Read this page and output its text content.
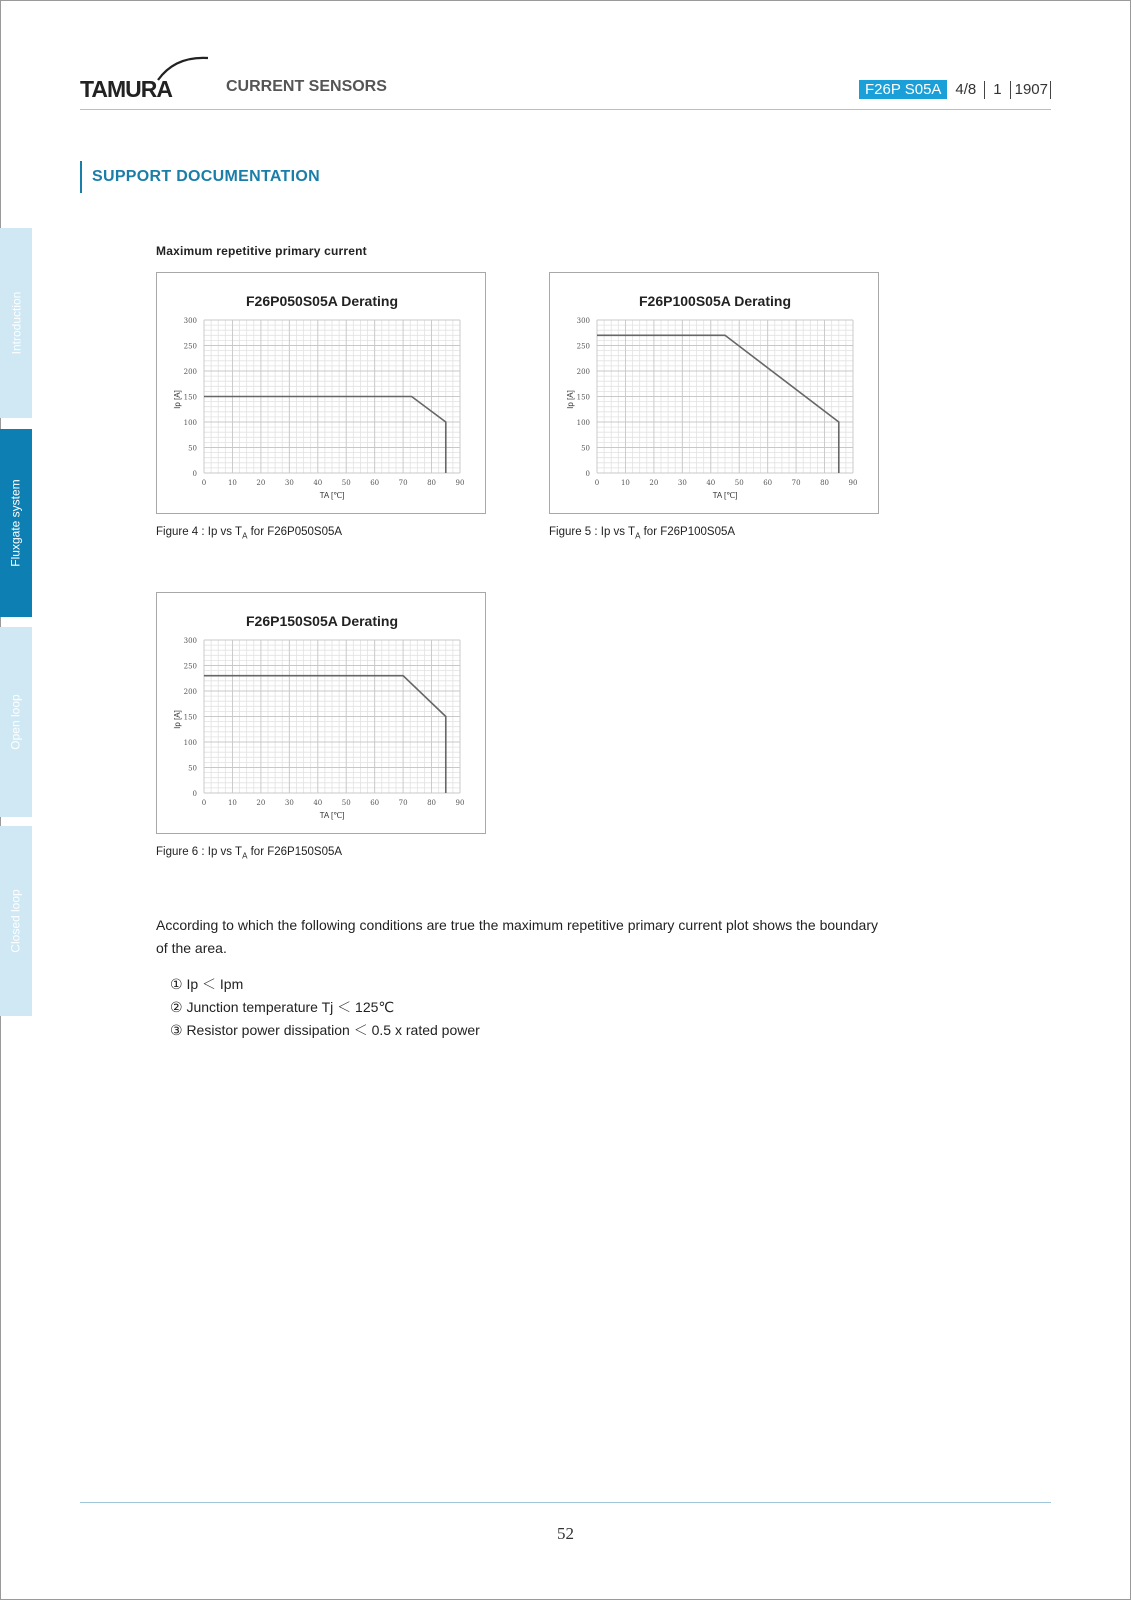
TAMURA	CURRENT SENSORS	F26P S05A 4/8	1 1907
SUPPORT DOCUMENTATION
Introduction
Fluxgate system
Open loop
Closed loop
Maximum repetitive primary current
F26P050S05A Derating
0
50
100
150
200
250
300
0	10	20	30	40	50	60	70	80	90
Ip [A]
TA [℃]
Figure 4 : Ip vs $T_A$ for F26P050S05A
F26P100S05A Derating
0
50
100
150
200
250
300
0	10	20	30	40	50	60	70	80	90
Ip [A]
TA [℃]
Figure 5 : Ip vs $T_A$ for F26P100S05A
F26P150S05A Derating
0
50
100
150
200
250
300
0	10	20	30	40	50	60	70	80	90
Ip [A]
TA [℃]
Figure 6 : Ip vs $T_A$ for F26P150S05A
According to which the following conditions are true the maximum repetitive primary current plot shows the boundary of the area.
① Ip ＜ Ipm
② Junction temperature Tj ＜ 125℃
③ Resistor power dissipation ＜ 0.5 x rated power
52
